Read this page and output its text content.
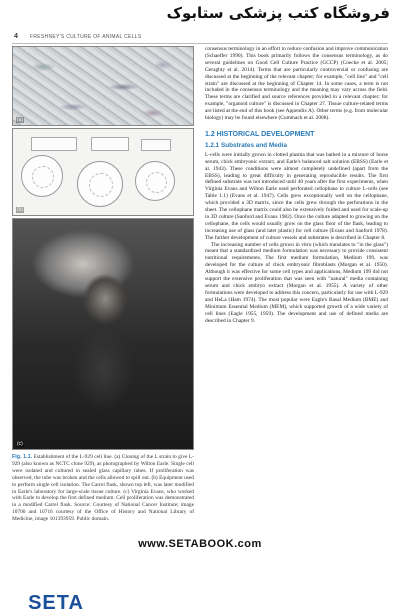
4 FRESHNEY'S CULTURE OF ANIMAL CELLS
فروشگاه کتب پزشکی ستابوک
(a)
(b)
SETA
(c)
Fig. 1.1. Establishment of the L-929 cell line. (a) Cloning of the L strain to give L-929 (also known as NCTC clone 929), as photographed by Wilton Earle. Single cell were isolated and cultured in sealed glass capillary tubes. If proliferation was observed, the tube was broken and the cells allowed to spill out. (b) Equipment used to perform single cell isolation. The Carrel flask, shown top left, was later modified in Earle's laboratory for large-scale tissue culture. (c) Virginia Evans, who worked with Earle to develop the first defined medium. Cell proliferation was demonstrated in a modified Carrel flask. Source: Courtesy of National Cancer Institute; image 10700 and 10716 courtesy of the Office of History and National Library of Medicine, image 101393959. Public domain.

consensus terminology in an effort to reduce confusion and improve communication (Schaeffer 1990). This book primarily follows the consensus terminology, as do several guidelines on Good Cell Culture Practice (GCCP) (Coecke et al. 2005; Geraghty et al. 2014). Terms that are particularly controversial or confusing are discussed at the beginning of the relevant chapter; for example, "cell line" and "cell strain" are discussed at the beginning of Chapter 14. In some cases, a term is not included in the consensus terminology and the meaning may vary across the field. These terms are clarified and source references provided in a relevant chapter; for example, "organoid culture" is discussed in Chapter 27. Tissue culture-related terms are listed at the end of this book (see Appendix A). Other terms (e.g. from molecular biology) may be found elsewhere (Cummack et al. 2008).

1.2 HISTORICAL DEVELOPMENT
1.2.1 Substrates and Media

L-cells were initially grown in clotted plasma that was bathed in a mixture of horse serum, chick embryonic extract, and Earle's balanced salt solution (EBSS) (Earle et al. 1943). These conditions were almost completely undefined (apart from the EBSS), leading to great difficulty in generating reproducible results. The first defined substrate was not introduced until 40 years after the first experiments, when Virginia Evans and Wilton Earle used perforated cellophane to culture L-cells (see Table 1.1) (Evans et al. 1947). Cells grew exceptionally well on the cellophane, which provided a 3D matrix, since the cells grew through the perforations in the sheet. The cellophane matrix could also be extensively folded and used for scale-up in 3D culture (Sanford and Evans 1982). Once the culture adapted to growing on the cellophane, the cells would usually grow on the glass floor of the flask, leading to increasing use of glass (and later plastic) for cell culture (Evans and Sanford 1978). The further development of culture vessels and substrates is described in Chapter 8.

The increasing number of cells grown in vitro (which translates to "in the glass") meant that a standardized medium formulation was necessary to provide consistent nutritional requirements. The first medium formulation, Medium 199, was developed for the culture of chick embryonic fibroblasts (Morgan et al. 1950). Although it was effective for some cell types and applications, Medium 199 did not support the extensive proliferation that was seen with "natural" media containing serum and chick embryo extract (Morgan et al. 1955). A variety of other formulations were developed to address this concern, particularly for use with L-929 and HeLa (Ham 1974). The most popular were Eagle's Basal Medium (BME) and Minimum Essential Medium (MEM), which supported growth of a wide variety of cell lines (Eagle 1955, 1959). The development and use of defined media are described in Chapter 9.

www.SETABOOK.com
